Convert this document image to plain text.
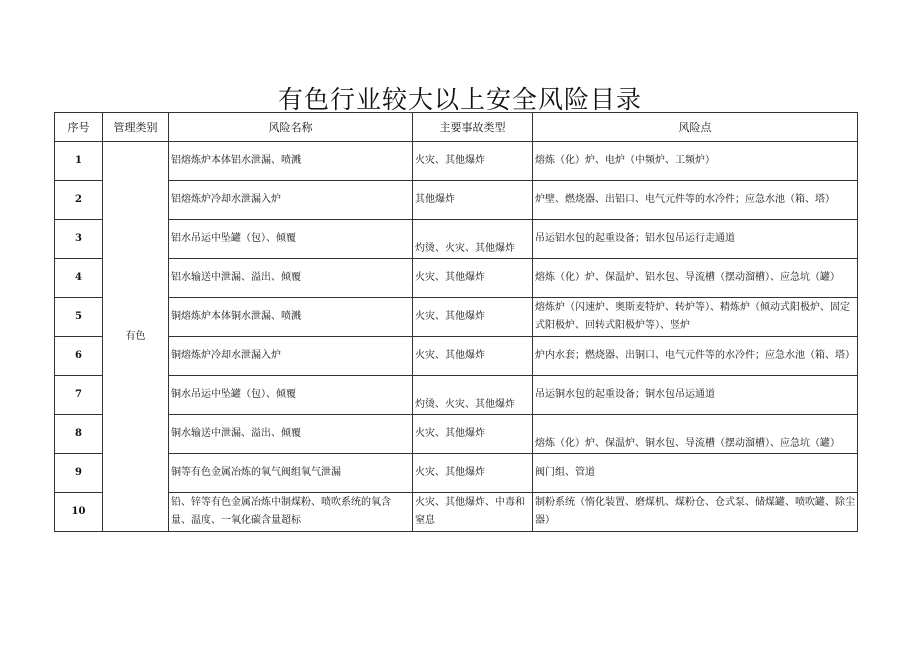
有色行业较大以上安全风险目录
序号	管理类别	风险名称	主要事故类型	风险点
1	有色	铝熔炼炉本体铝水泄漏、喷溅	火灾、其他爆炸	熔炼（化）炉、电炉（中频炉、工频炉）
2		铝熔炼炉冷却水泄漏入炉	其他爆炸	炉壁、燃烧器、出铝口、电气元件等的水冷件；应急水池（箱、塔）
3		铝水吊运中坠罐（包）、倾覆	灼烫、火灾、其他爆炸	吊运铝水包的起重设备；铝水包吊运行走通道
4		铝水输送中泄漏、溢出、倾覆	火灾、其他爆炸	熔炼（化）炉、保温炉、铝水包、导流槽（摆动溜槽）、应急坑（罐）
5		铜熔炼炉本体铜水泄漏、喷溅	火灾、其他爆炸	熔炼炉（闪速炉、奥斯麦特炉、转炉等）、精炼炉（倾动式阳极炉、固定式阳极炉、回转式阳极炉等）、竖炉
6		铜熔炼炉冷却水泄漏入炉	火灾、其他爆炸	炉内水套；燃烧器、出铜口、电气元件等的水冷件；应急水池（箱、塔）
7		铜水吊运中坠罐（包）、倾覆	灼烫、火灾、其他爆炸	吊运铜水包的起重设备；铜水包吊运通道
8		铜水输送中泄漏、溢出、倾覆	火灾、其他爆炸	熔炼（化）炉、保温炉、铜水包、导流槽（摆动溜槽）、应急坑（罐）
9		铜等有色金属冶炼的氧气阀组氧气泄漏	火灾、其他爆炸	阀门组、管道
10		铅、锌等有色金属冶炼中制煤粉、喷吹系统的氧含量、温度、一氧化碳含量超标	火灾、其他爆炸、中毒和窒息	制粉系统（惰化装置、磨煤机、煤粉仓、仓式泵、储煤罐、喷吹罐、除尘器）
